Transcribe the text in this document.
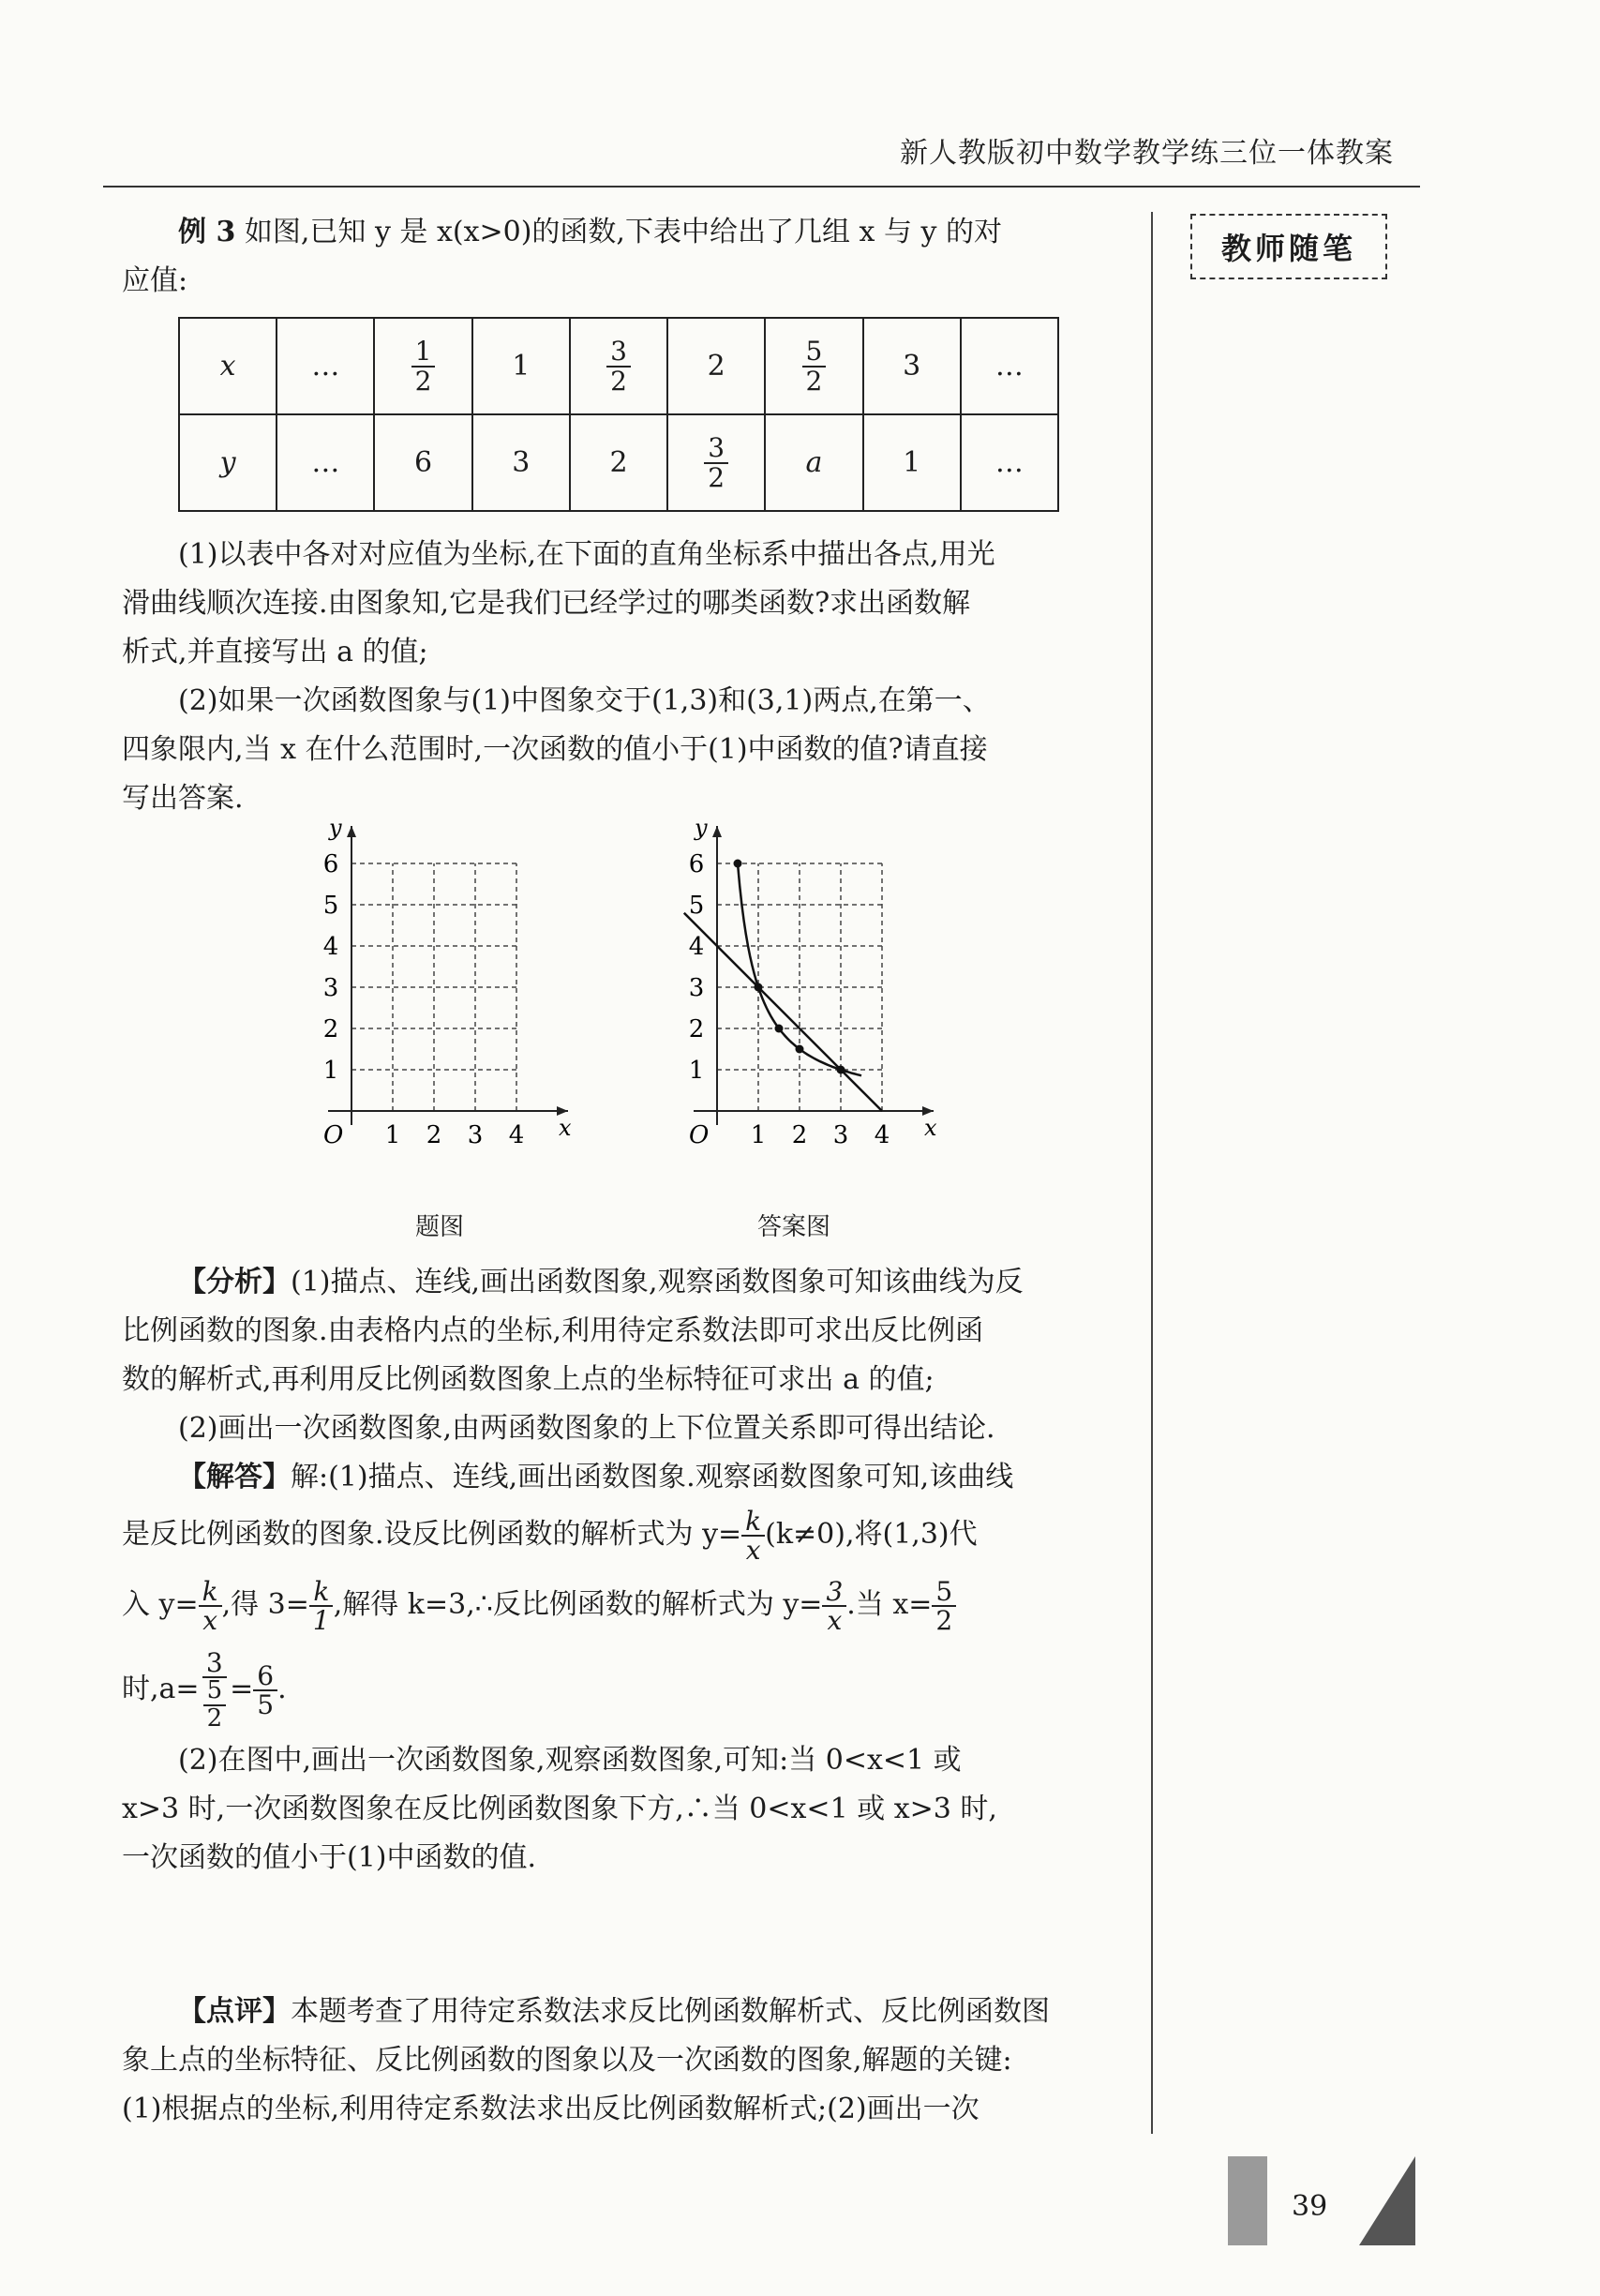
新人教版初中数学教学练三位一体教案
教师随笔

例 3 如图,已知 y 是 x(x>0)的函数,下表中给出了几组 x 与 y 的对

应值:

x	…	$\frac{1}{2}$	1	$\frac{3}{2}$	2	$\frac{5}{2}$	3	…
y	…	6	3	2	$\frac{3}{2}$	a	1	…

(1)以表中各对对应值为坐标,在下面的直角坐标系中描出各点,用光

滑曲线顺次连接.由图象知,它是我们已经学过的哪类函数?求出函数解

析式,并直接写出 a 的值;

(2)如果一次函数图象与(1)中图象交于(1,3)和(3,1)两点,在第一、

四象限内,当 x 在什么范围时,一次函数的值小于(1)中函数的值?请直接

写出答案.

y
x
O
1
2
3
4
5
6
1 2 3 4
y
x
O
1
2
3
4
5
6
1 2 3 4
题图	答案图

【分析】(1)描点、连线,画出函数图象,观察函数图象可知该曲线为反

比例函数的图象.由表格内点的坐标,利用待定系数法即可求出反比例函

数的解析式,再利用反比例函数图象上点的坐标特征可求出 a 的值;

(2)画出一次函数图象,由两函数图象的上下位置关系即可得出结论.

【解答】解:(1)描点、连线,画出函数图象.观察函数图象可知,该曲线

是反比例函数的图象.设反比例函数的解析式为 $y= \frac{k}{x} (k\ne 0)$,将(1,3)代

入 $y= \frac{k}{x}$ ,得 $3= \frac{k}{1}$ ,解得 k=3,∴反比例函数的解析式为 $y= \frac{3}{x}$ .当 $x= \frac{5}{2}$

时$,a= \frac{3}{\frac{5}{2}} = \frac{6}{5}$ .

(2)在图中,画出一次函数图象,观察函数图象,可知:当 0<x<1 或

x>3 时,一次函数图象在反比例函数图象下方,∴当 0<x<1 或 x>3 时,

一次函数的值小于(1)中函数的值.

【点评】本题考查了用待定系数法求反比例函数解析式、反比例函数图

象上点的坐标特征、反比例函数的图象以及一次函数的图象,解题的关键:

(1)根据点的坐标,利用待定系数法求出反比例函数解析式;(2)画出一次

39
